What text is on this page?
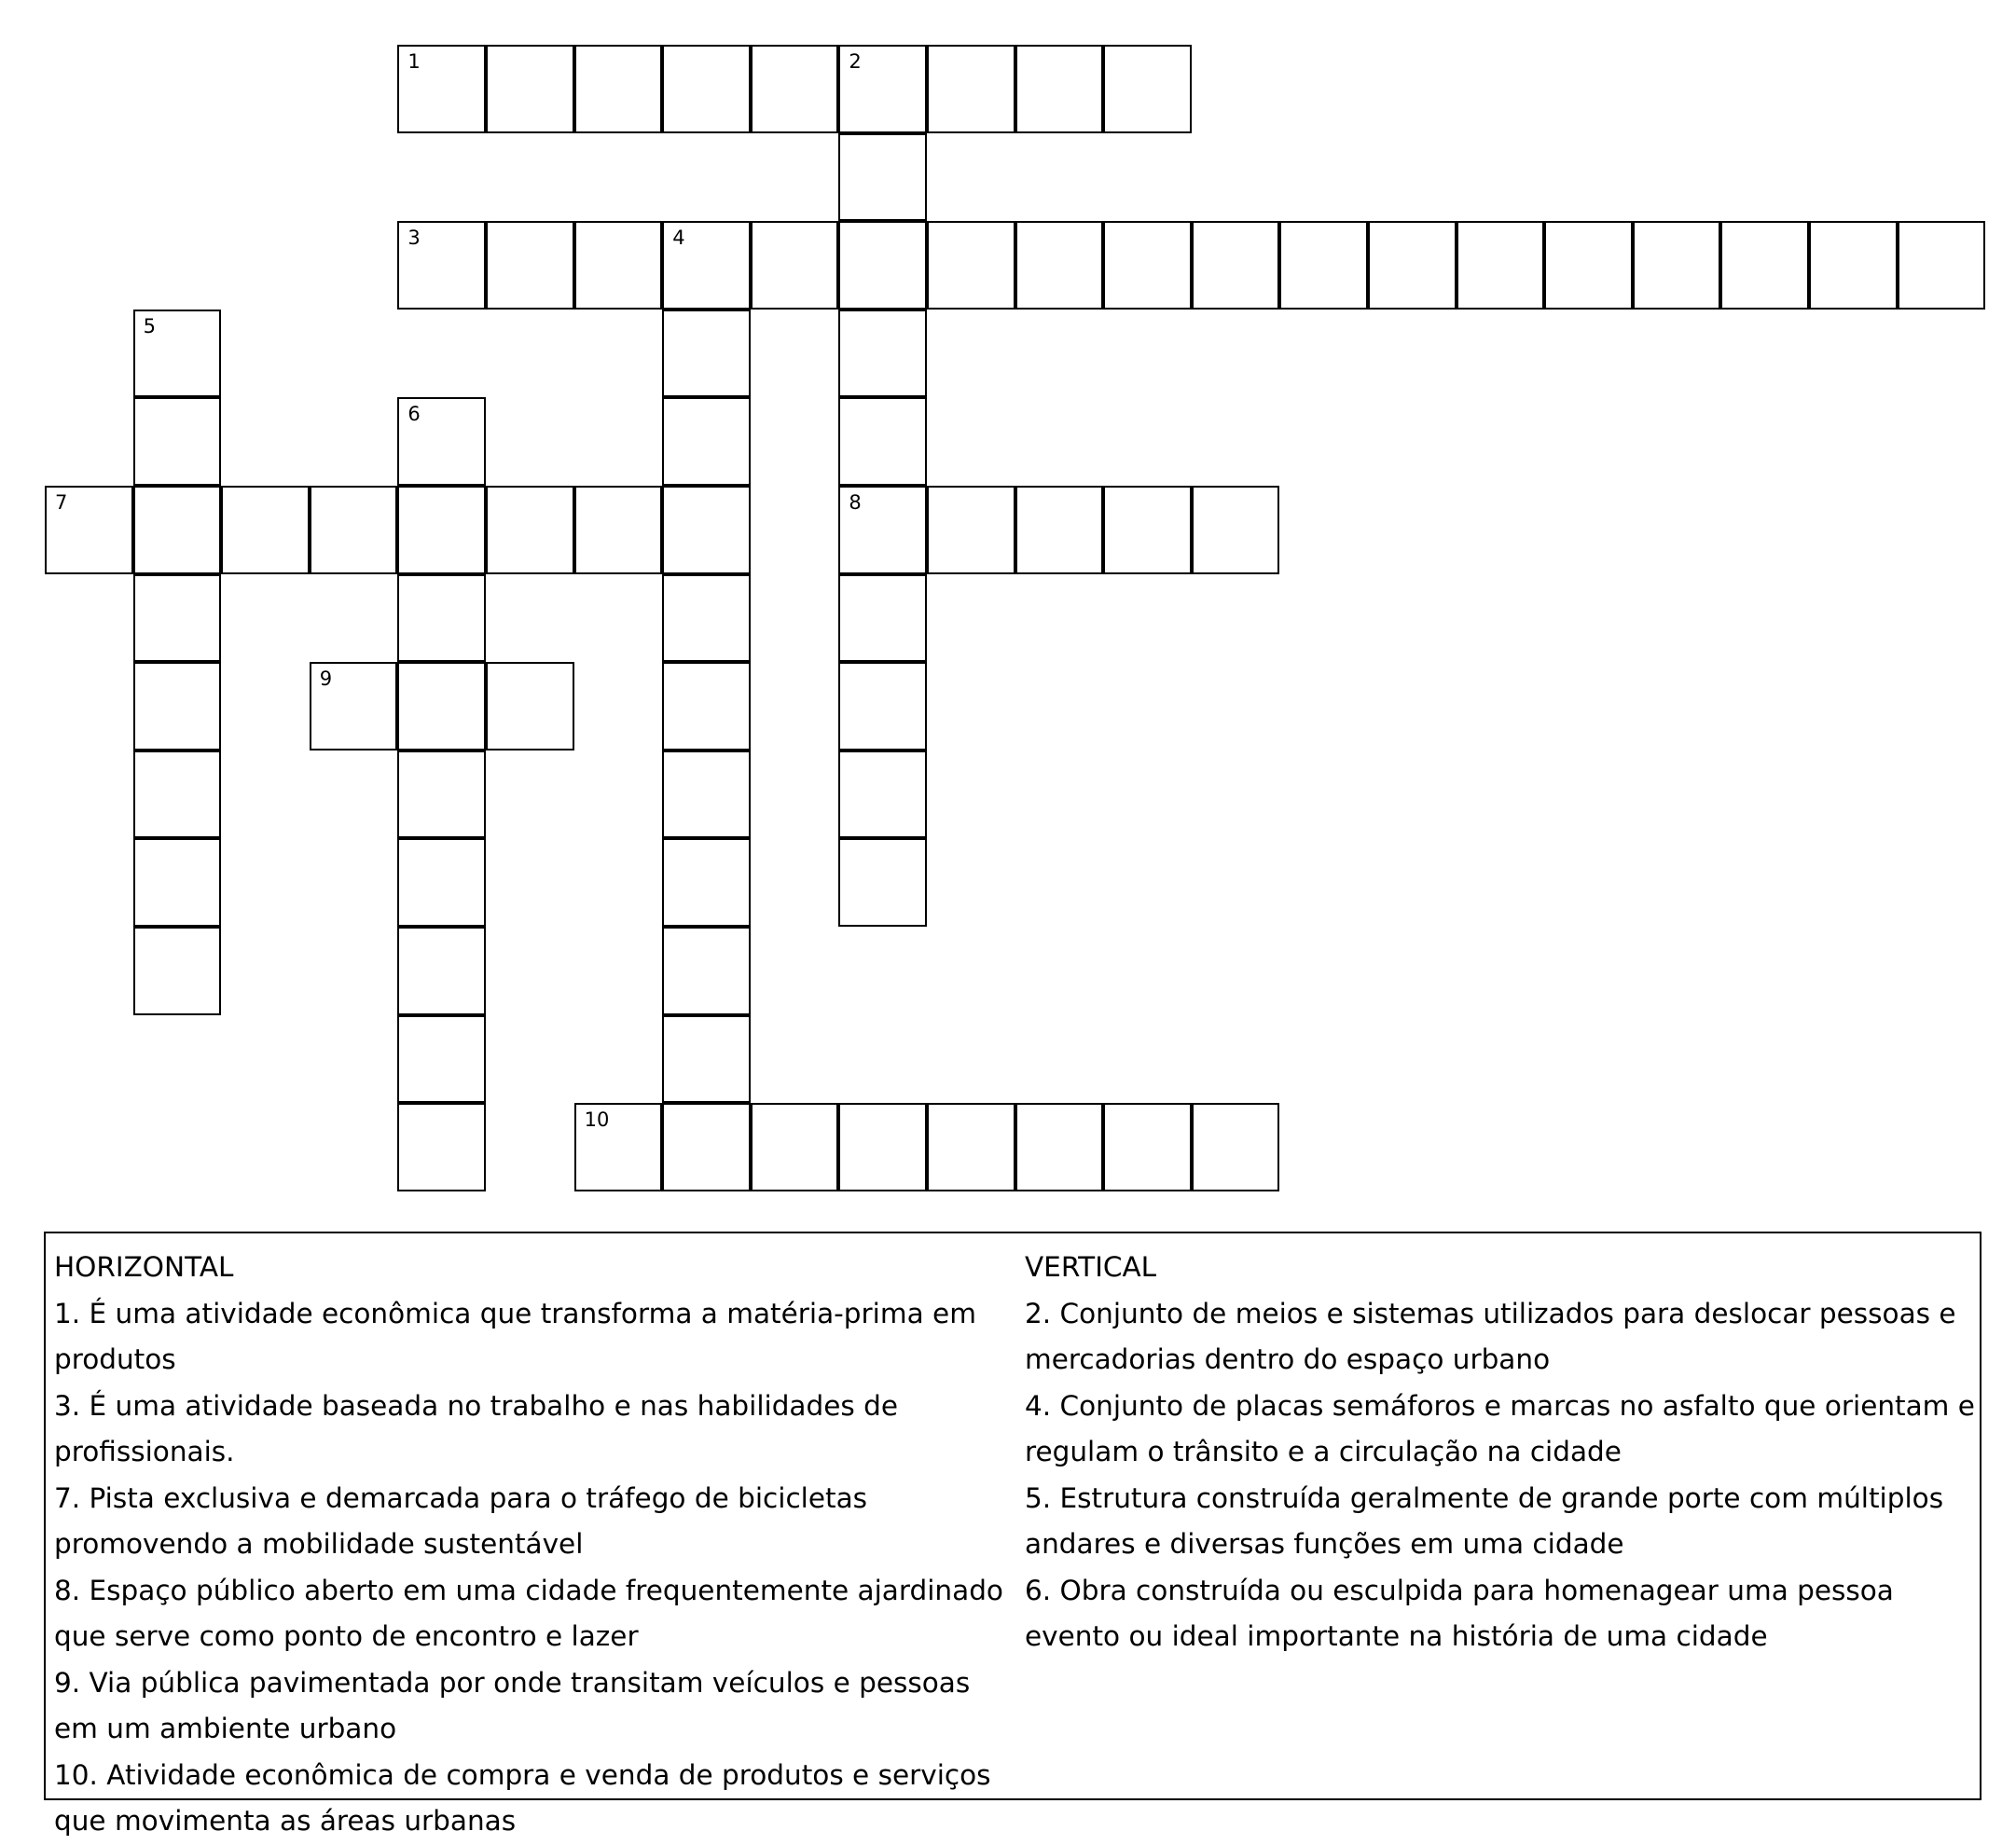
1	2
8
3	4
5
6
7
9
10
HORIZONTAL
1. É uma atividade econômica que transforma a matéria-prima em produtos
3. É uma atividade baseada no trabalho e nas habilidades de profissionais.
7. Pista exclusiva e demarcada para o tráfego de bicicletas promovendo a mobilidade sustentável
8. Espaço público aberto em uma cidade frequentemente ajardinado que serve como ponto de encontro e lazer
9. Via pública pavimentada por onde transitam veículos e pessoas em um ambiente urbano
10. Atividade econômica de compra e venda de produtos e serviços que movimenta as áreas urbanas
VERTICAL
2. Conjunto de meios e sistemas utilizados para deslocar pessoas e mercadorias dentro do espaço urbano
4. Conjunto de placas semáforos e marcas no asfalto que orientam e regulam o trânsito e a circulação na cidade
5. Estrutura construída geralmente de grande porte com múltiplos andares e diversas funções em uma cidade
6. Obra construída ou esculpida para homenagear uma pessoa evento ou ideal importante na história de uma cidade
